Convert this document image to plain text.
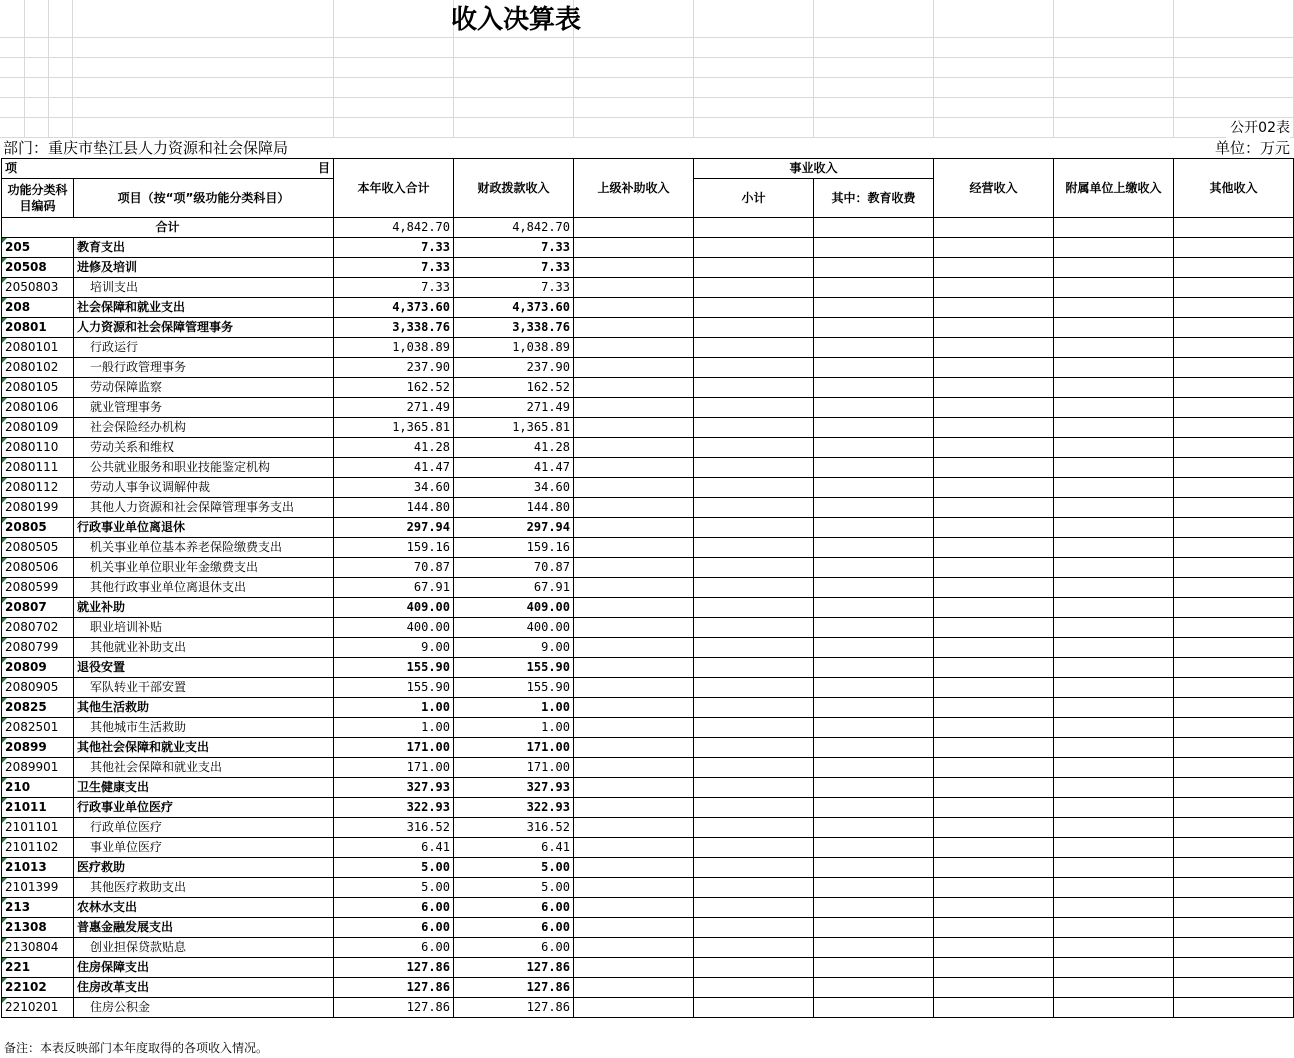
收入决算表
公开02表
部门：重庆市垫江县人力资源和社会保障局	单位：万元
项 目		本年收入合计	财政拨款收入	上级补助收入	事业收入		经营收入	附属单位上缴收入	其他收入
功能分类科目编码	项目（按“项”级功能分类科目）								
					小计	其中：教育收费			
合计		4,842.70	4,842.70						
205	教育支出	7.33	7.33						
20508	进修及培训	7.33	7.33						
2050803	培训支出	7.33	7.33						
208	社会保障和就业支出	4,373.60	4,373.60						
20801	人力资源和社会保障管理事务	3,338.76	3,338.76						
2080101	行政运行	1,038.89	1,038.89						
2080102	一般行政管理事务	237.90	237.90						
2080105	劳动保障监察	162.52	162.52						
2080106	就业管理事务	271.49	271.49						
2080109	社会保险经办机构	1,365.81	1,365.81						
2080110	劳动关系和维权	41.28	41.28						
2080111	公共就业服务和职业技能鉴定机构	41.47	41.47						
2080112	劳动人事争议调解仲裁	34.60	34.60						
2080199	其他人力资源和社会保障管理事务支出	144.80	144.80						
20805	行政事业单位离退休	297.94	297.94						
2080505	机关事业单位基本养老保险缴费支出	159.16	159.16						
2080506	机关事业单位职业年金缴费支出	70.87	70.87						
2080599	其他行政事业单位离退休支出	67.91	67.91						
20807	就业补助	409.00	409.00						
2080702	职业培训补贴	400.00	400.00						
2080799	其他就业补助支出	9.00	9.00						
20809	退役安置	155.90	155.90						
2080905	军队转业干部安置	155.90	155.90						
20825	其他生活救助	1.00	1.00						
2082501	其他城市生活救助	1.00	1.00						
20899	其他社会保障和就业支出	171.00	171.00						
2089901	其他社会保障和就业支出	171.00	171.00						
210	卫生健康支出	327.93	327.93						
21011	行政事业单位医疗	322.93	322.93						
2101101	行政单位医疗	316.52	316.52						
2101102	事业单位医疗	6.41	6.41						
21013	医疗救助	5.00	5.00						
2101399	其他医疗救助支出	5.00	5.00						
213	农林水支出	6.00	6.00						
21308	普惠金融发展支出	6.00	6.00						
2130804	创业担保贷款贴息	6.00	6.00						
221	住房保障支出	127.86	127.86						
22102	住房改革支出	127.86	127.86						
2210201	住房公积金	127.86	127.86						
备注：本表反映部门本年度取得的各项收入情况。
